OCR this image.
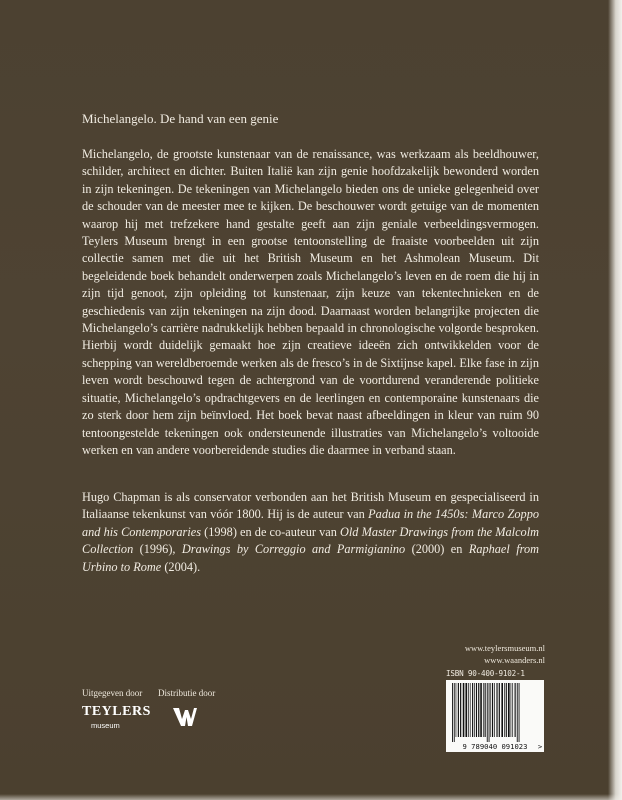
Michelangelo. De hand van een genie

Michelangelo, de grootste kunstenaar van de renaissance, was werkzaam als beeldhouwer, schilder, architect en dichter. Buiten Italië kan zijn genie hoofdzakelijk bewonderd worden in zijn tekeningen. De tekeningen van Michelangelo bieden ons de unieke gelegenheid over de schouder van de meester mee te kijken. De beschouwer wordt getuige van de momenten waarop hij met trefzekere hand gestalte geeft aan zijn geniale verbeeldingsvermogen. Teylers Museum brengt in een grootse tentoonstelling de fraaiste voorbeelden uit zijn collectie samen met die uit het British Museum en het Ashmolean Museum. Dit begeleidende boek behandelt onderwerpen zoals Michelangelo’s leven en de roem die hij in zijn tijd genoot, zijn opleiding tot kunstenaar, zijn keuze van tekentechnieken en de geschiedenis van zijn tekeningen na zijn dood. Daarnaast worden belangrijke projecten die Michelangelo’s carrière nadrukkelijk hebben bepaald in chronologische volgorde besproken. Hierbij wordt duidelijk gemaakt hoe zijn creatieve ideeën zich ontwikkelden voor de schepping van wereldberoemde werken als de fresco’s in de Sixtijnse kapel. Elke fase in zijn leven wordt beschouwd tegen de achtergrond van de voortdurend veranderende politieke situatie, Michelangelo’s opdrachtgevers en de leerlingen en contemporaine kunstenaars die zo sterk door hem zijn beïnvloed. Het boek bevat naast afbeeldingen in kleur van ruim 90 tentoongestelde tekeningen ook ondersteunende illustraties van Michelangelo’s voltooide werken en van andere voorbereidende studies die daarmee in verband staan.

Hugo Chapman is als conservator verbonden aan het British Museum en gespecialiseerd in Italiaanse tekenkunst van vóór 1800. Hij is de auteur van Padua in the 1450s: Marco Zoppo and his Contemporaries (1998) en de co-auteur van Old Master Drawings from the Malcolm Collection (1996), Drawings by Correggio and Parmigianino (2000) en Raphael from Urbino to Rome (2004).

www.teylersmuseum.nl
www.waanders.nl
ISBN 90-400-9102-1
9 789040 091023 >
Uitgegeven door Distributie door
TEYLERS
museum
